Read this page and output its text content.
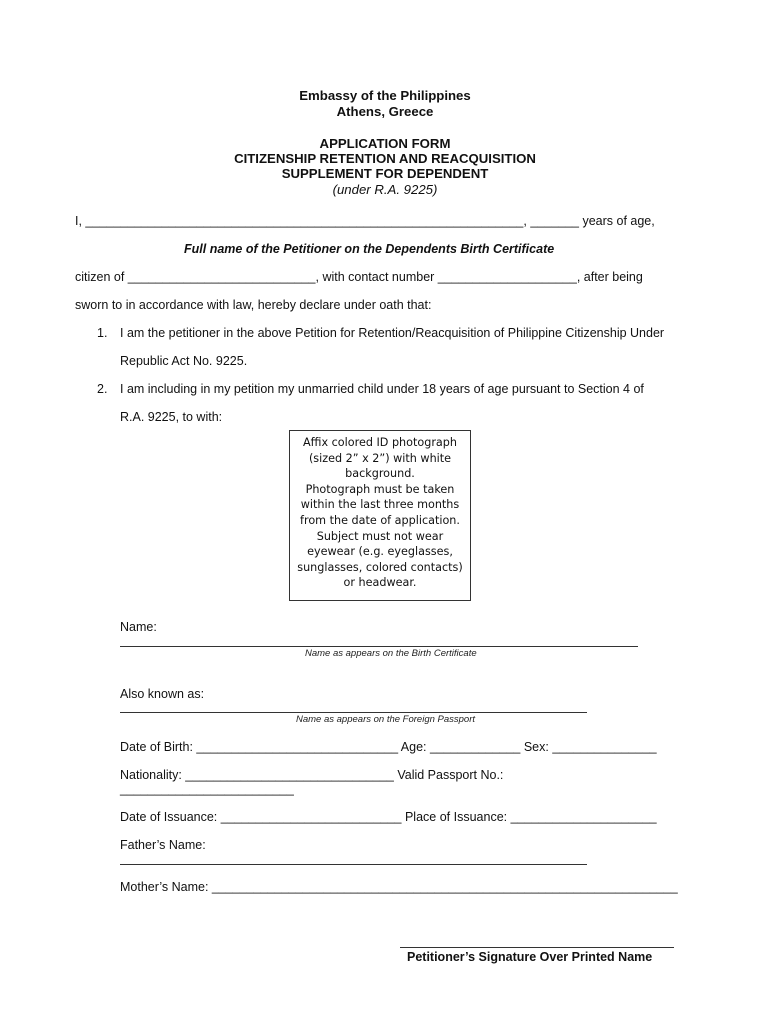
Embassy of the Philippines
Athens, Greece
APPLICATION FORM
CITIZENSHIP RETENTION AND REACQUISITION
SUPPLEMENT FOR DEPENDENT
(under R.A. 9225)
I, _______________________________________________________________, _______ years of age,
Full name of the Petitioner on the Dependents Birth Certificate
citizen of ___________________________, with contact number ____________________, after being
sworn to in accordance with law, hereby declare under oath that:
1. I am the petitioner in the above Petition for Retention/Reacquisition of Philippine Citizenship Under
Republic Act No. 9225.
2. I am including in my petition my unmarried child under 18 years of age pursuant to Section 4 of
R.A. 9225, to with:
Affix colored ID photograph
(sized 2” x 2”) with white
background.
Photograph must be taken
within the last three months
from the date of application.
Subject must not wear
eyewear (e.g. eyeglasses,
sunglasses, colored contacts)
or headwear.
Name:
Name as appears on the Birth Certificate
Also known as:
Name as appears on the Foreign Passport
Date of Birth: _____________________________ Age: _____________ Sex: _______________
Nationality: ______________________________ Valid Passport No.:
_________________________
Date of Issuance: __________________________ Place of Issuance: _____________________
Father’s Name:
Mother’s Name: ___________________________________________________________________
Petitioner’s Signature Over Printed Name
